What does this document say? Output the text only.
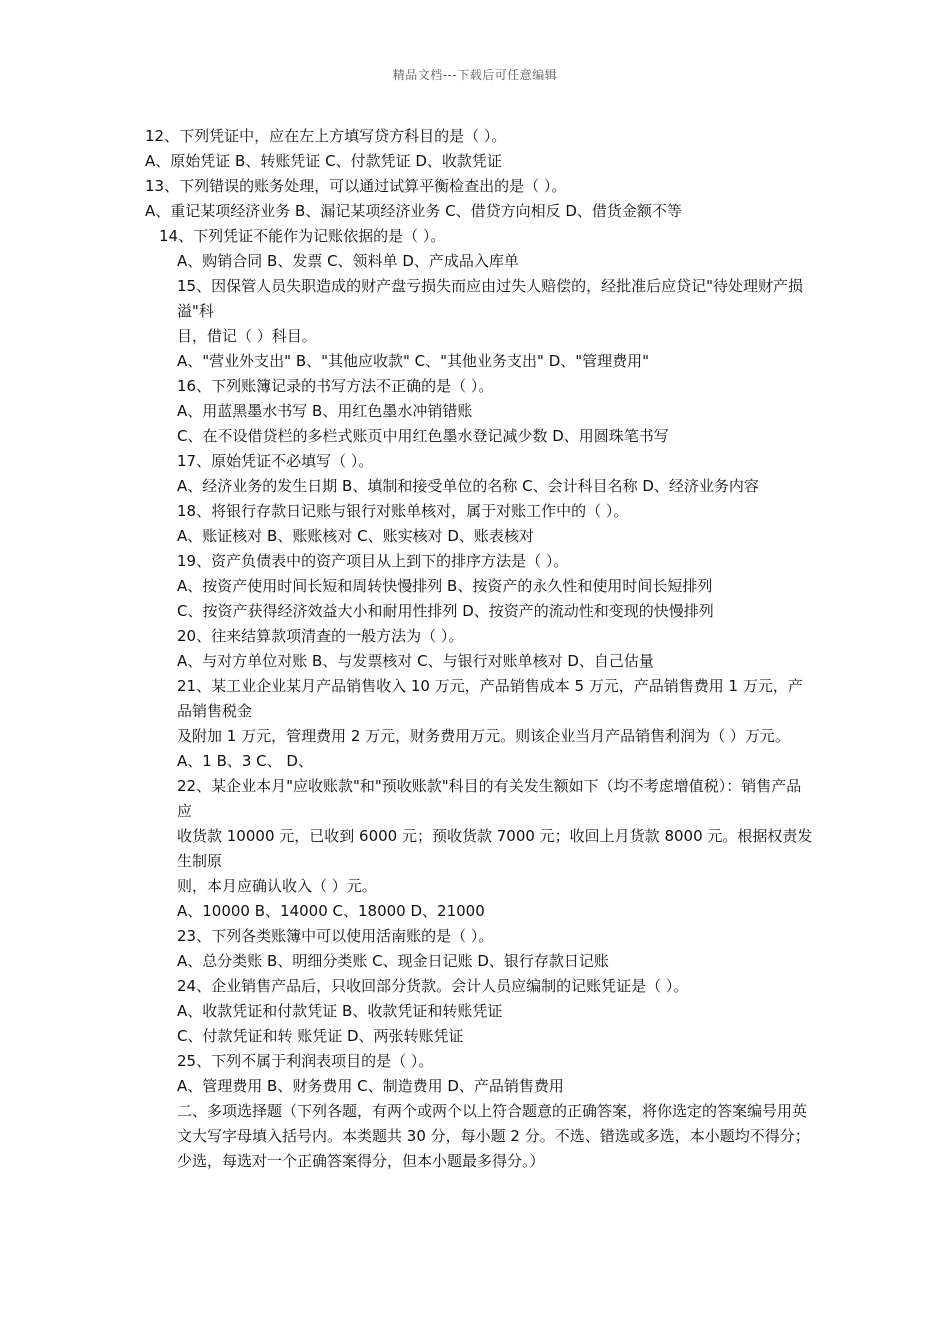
精品文档---下载后可任意编辑

12、下列凭证中，应在左上方填写贷方科目的是（ ）。

A、原始凭证 B、转账凭证 C、付款凭证 D、收款凭证

13、下列错误的账务处理，可以通过试算平衡检查出的是（ ）。

A、重记某项经济业务 B、漏记某项经济业务 C、借贷方向相反 D、借货金额不等

14、下列凭证不能作为记账依据的是（ ）。

A、购销合同 B、发票 C、领料单 D、产成品入库单

15、因保管人员失职造成的财产盘亏损失而应由过失人赔偿的，经批准后应贷记"待处理财产损溢"科

目，借记（ ）科目。

A、"营业外支出" B、"其他应收款" C、"其他业务支出" D、"管理费用"

16、下列账簿记录的书写方法不正确的是（ ）。

A、用蓝黑墨水书写 B、用红色墨水冲销错账

C、在不设借贷栏的多栏式账页中用红色墨水登记减少数 D、用圆珠笔书写

17、原始凭证不必填写（ ）。

A、经济业务的发生日期 B、填制和接受单位的名称 C、会计科目名称 D、经济业务内容

18、将银行存款日记账与银行对账单核对，属于对账工作中的（ ）。

A、账证核对 B、账账核对 C、账实核对 D、账表核对

19、资产负债表中的资产项目从上到下的排序方法是（ ）。

A、按资产使用时间长短和周转快慢排列 B、按资产的永久性和使用时间长短排列

C、按资产获得经济效益大小和耐用性排列 D、按资产的流动性和变现的快慢排列

20、往来结算款项清查的一般方法为（ ）。

A、与对方单位对账 B、与发票核对 C、与银行对账单核对 D、自己估量

21、某工业企业某月产品销售收入 10 万元，产品销售成本 5 万元，产品销售费用 1 万元，产品销售税金

及附加 1 万元，管理费用 2 万元，财务费用万元。则该企业当月产品销售利润为（ ）万元。

A、1 B、3 C、 D、

22、某企业本月"应收账款"和"预收账款"科目的有关发生额如下（均不考虑增值税）：销售产品应

收货款 10000 元，已收到 6000 元；预收货款 7000 元；收回上月货款 8000 元。根据权责发生制原

则，本月应确认收入（ ）元。

A、10000 B、14000 C、18000 D、21000

23、下列各类账簿中可以使用活南账的是（ ）。

A、总分类账 B、明细分类账 C、现金日记账 D、银行存款日记账

24、企业销售产品后，只收回部分货款。会计人员应编制的记账凭证是（ ）。

A、收款凭证和付款凭证 B、收款凭证和转账凭证

C、付款凭证和转 账凭证 D、两张转账凭证

25、下列不属于利润表项目的是（ ）。

A、管理费用 B、财务费用 C、制造费用 D、产品销售费用

二、多项选择题（下列各题，有两个或两个以上符合题意的正确答案，将你选定的答案编号用英文大写字母填入括号内。本类题共 30 分，每小题 2 分。不选、错选或多选，本小题均不得分；少选，每选对一个正确答案得分，但本小题最多得分。）
